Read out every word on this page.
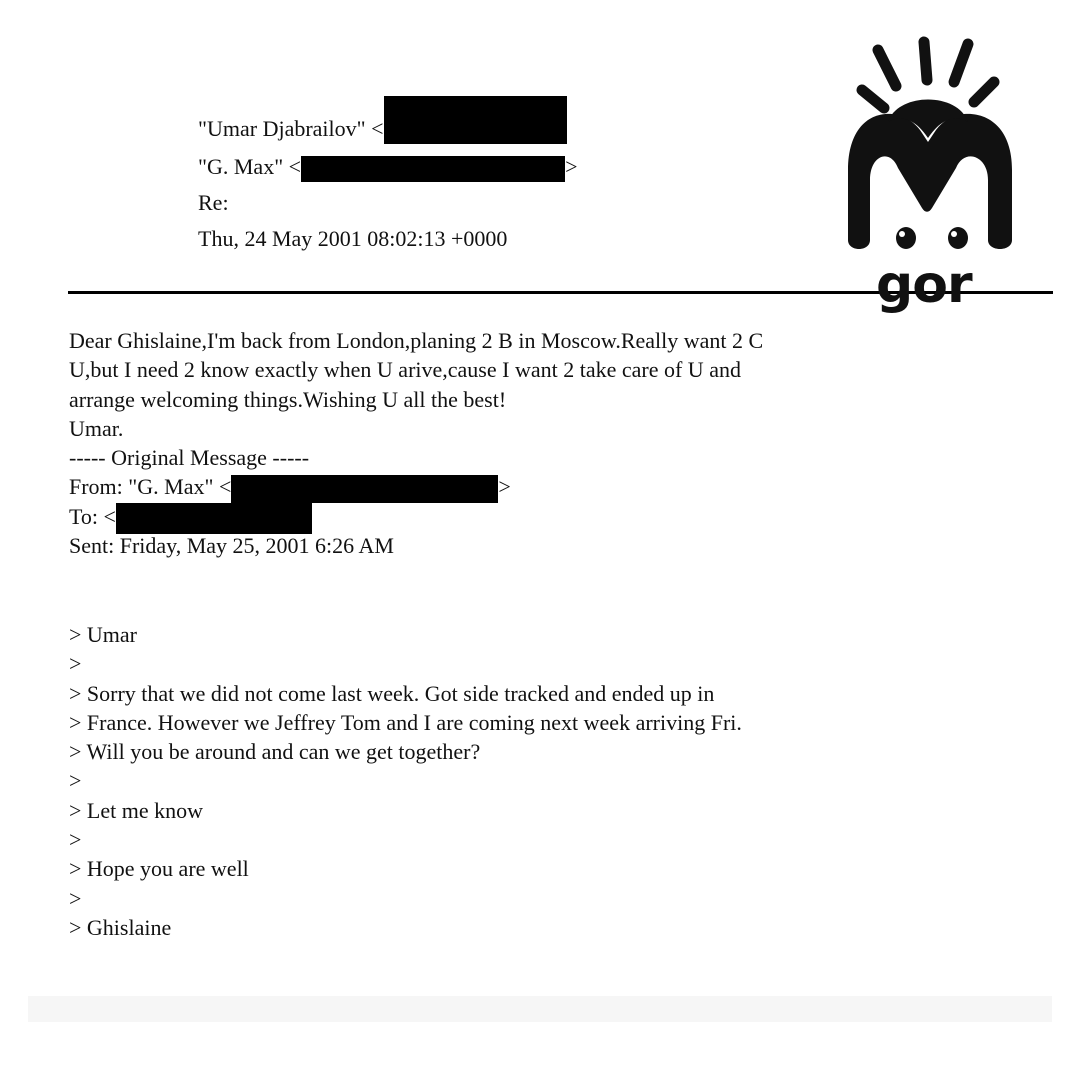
"Umar Djabrailov" <
"G. Max" <	>
Re:
Thu, 24 May 2001 08:02:13 +0000
Dear Ghislaine,I'm back from London,planing 2 B in Moscow.Really want 2 C
U,but I need 2 know exactly when U arive,cause I want 2 take care of U and
arrange welcoming things.Wishing U all the best!
Umar.
----- Original Message -----
From: "G. Max" <	>
To: <
Sent: Friday, May 25, 2001 6:26 AM
> Umar
>
> Sorry that we did not come last week. Got side tracked and ended up in
> France. However we Jeffrey Tom and I are coming next week arriving Fri.
> Will you be around and can we get together?
>
> Let me know
>
> Hope you are well
>
> Ghislaine
gor
